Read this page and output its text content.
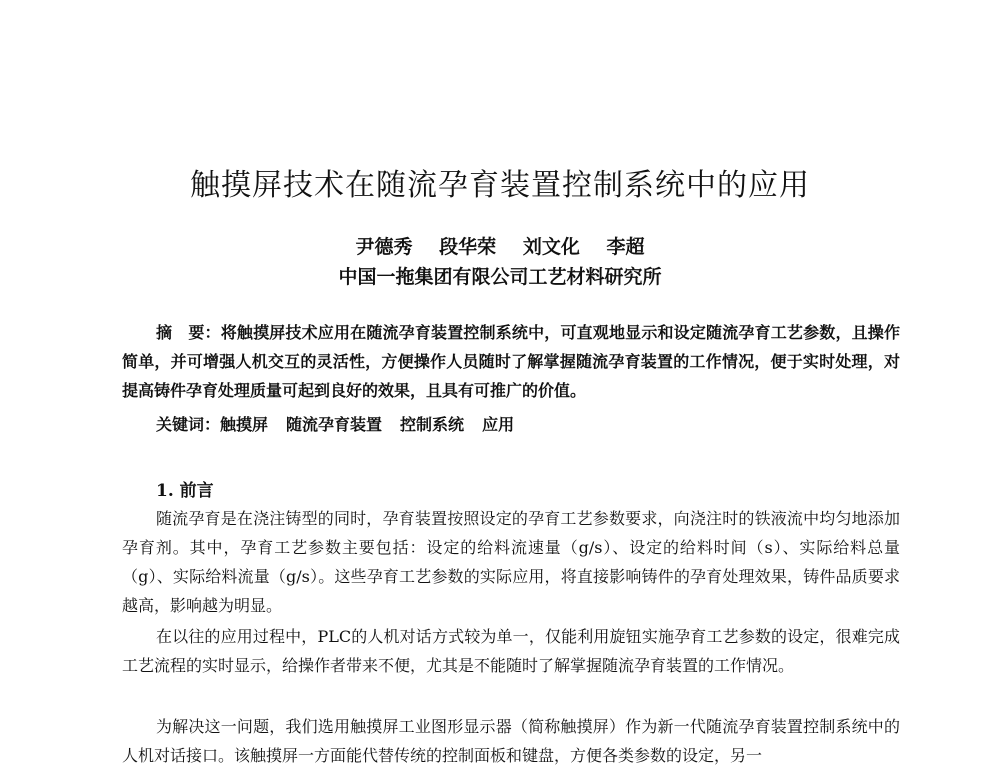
触摸屏技术在随流孕育装置控制系统中的应用
尹德秀 段华荣 刘文化 李超
中国一拖集团有限公司工艺材料研究所

摘　要：将触摸屏技术应用在随流孕育装置控制系统中，可直观地显示和设定随流孕育工艺参数，且操作简单，并可增强人机交互的灵活性，方便操作人员随时了解掌握随流孕育装置的工作情况，便于实时处理，对提高铸件孕育处理质量可起到良好的效果，且具有可推广的价值。

关键词：触摸屏 随流孕育装置 控制系统 应用

1. 前言

随流孕育是在浇注铸型的同时，孕育装置按照设定的孕育工艺参数要求，向浇注时的铁液流中均匀地添加孕育剂。其中，孕育工艺参数主要包括：设定的给料流速量（g/s）、设定的给料时间（s）、实际给料总量（g）、实际给料流量（g/s）。这些孕育工艺参数的实际应用，将直接影响铸件的孕育处理效果，铸件品质要求越高，影响越为明显。

在以往的应用过程中，PLC的人机对话方式较为单一，仅能利用旋钮实施孕育工艺参数的设定，很难完成工艺流程的实时显示，给操作者带来不便，尤其是不能随时了解掌握随流孕育装置的工作情况。

为解决这一问题，我们选用触摸屏工业图形显示器（简称触摸屏）作为新一代随流孕育装置控制系统中的人机对话接口。该触摸屏一方面能代替传统的控制面板和键盘，方便各类参数的设定，另一
